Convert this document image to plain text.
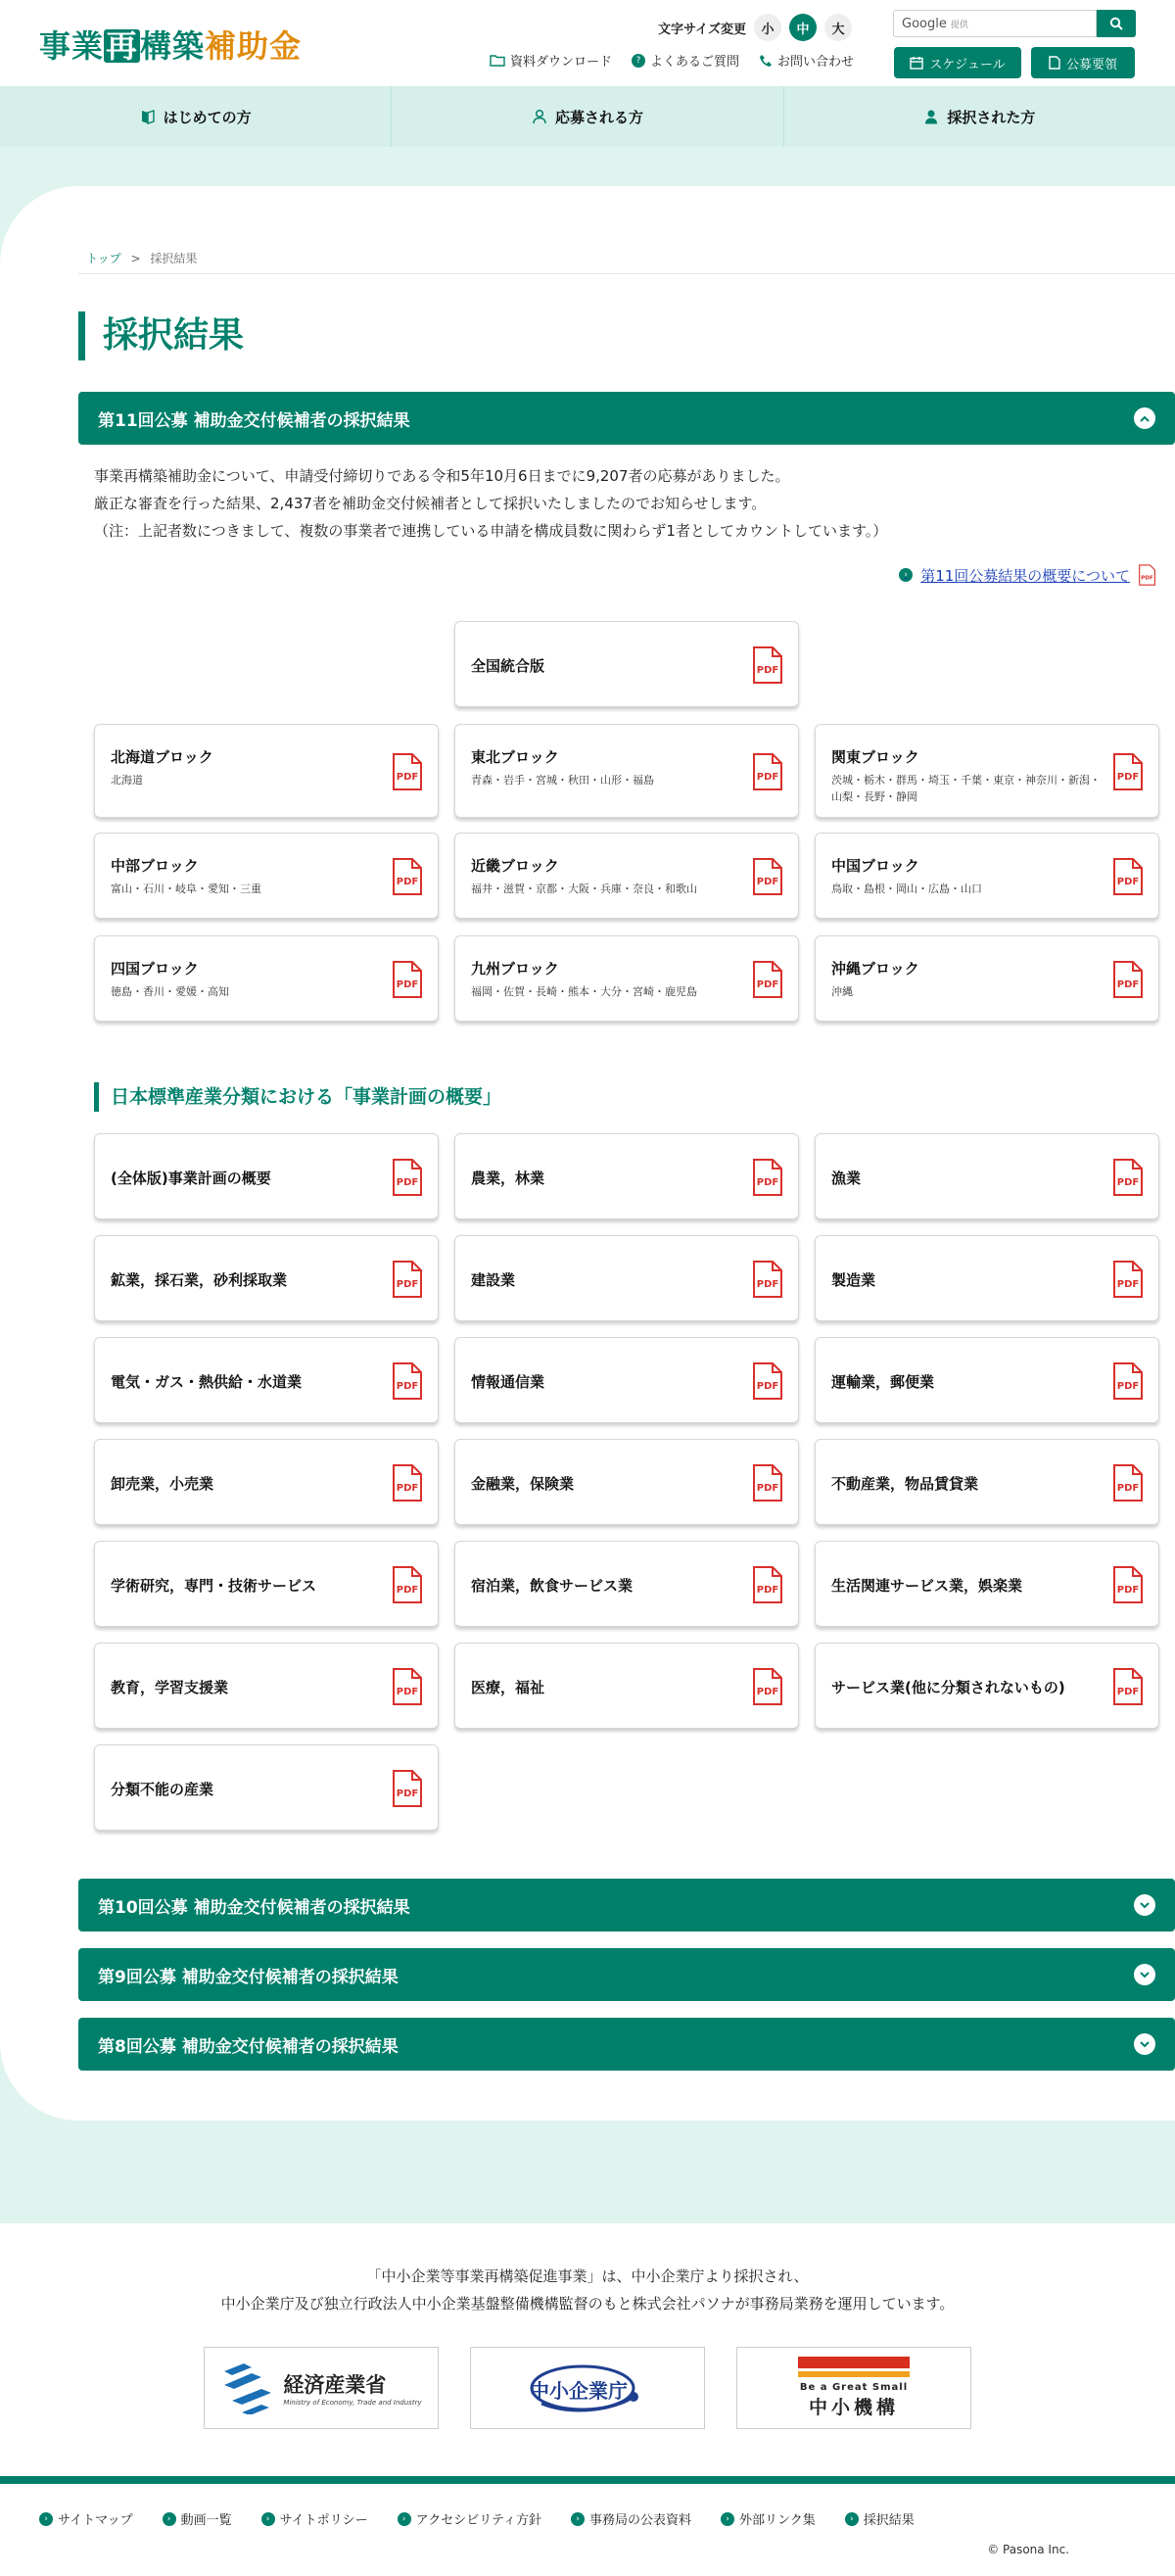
事業再構築補助金	文字サイズ変更	小	中	大	Google 提供
資料ダウンロード	? よくあるご質問	お問い合わせ	スケジュール	公募要領
はじめての方	応募される方	採択された方
トップ > 採択結果
採択結果
第11回公募 補助金交付候補者の採択結果

事業再構築補助金について、申請受付締切りである令和5年10月6日までに9,207者の応募がありました。

厳正な審査を行った結果、2,437者を補助金交付候補者として採択いたしましたのでお知らせします。

（注：上記者数につきまして、複数の事業者で連携している申請を構成員数に関わらず1者としてカウントしています。）

› 第11回公募結果の概要について PDF
全国統合版	PDF
北海道ブロック
北海道	PDF
東北ブロック
青森・岩手・宮城・秋田・山形・福島	PDF
関東ブロック
茨城・栃木・群馬・埼玉・千葉・東京・神奈川・新潟・山梨・長野・静岡
PDF
中部ブロック
富山・石川・岐阜・愛知・三重
PDF
近畿ブロック
福井・滋賀・京都・大阪・兵庫・奈良・和歌山
PDF
中国ブロック
鳥取・島根・岡山・広島・山口
PDF
四国ブロック
徳島・香川・愛媛・高知
PDF
九州ブロック
福岡・佐賀・長崎・熊本・大分・宮崎・鹿児島
PDF
沖縄ブロック
沖縄
PDF
(全体版)事業計画の概要	PDF	農業，林業	PDF	漁業	PDF
鉱業，採石業，砂利採取業	PDF	建設業	PDF	製造業	PDF
電気・ガス・熱供給・水道業	PDF	情報通信業	PDF	運輸業，郵便業	PDF
卸売業，小売業	PDF	金融業，保険業	PDF	不動産業，物品賃貸業	PDF
学術研究，専門・技術サービス	PDF	宿泊業，飲食サービス業	PDF	生活関連サービス業，娯楽業	PDF
教育，学習支援業	PDF	医療，福祉	PDF	サービス業(他に分類されないもの)	PDF
分類不能の産業	PDF
日本標準産業分類における「事業計画の概要」
第10回公募 補助金交付候補者の採択結果
第9回公募 補助金交付候補者の採択結果
第8回公募 補助金交付候補者の採択結果

「中小企業等事業再構築促進事業」は、中小企業庁より採択され、

中小企業庁及び独立行政法人中小企業基盤整備機構監督のもと株式会社パソナが事務局業務を運用しています。

経済産業省
Ministry of Economy, Trade and Industry	中小企業庁	Be a Great Small
中小機構
› サイトマップ	› 動画一覧	› サイトポリシー	› アクセシビリティ方針	› 事務局の公表資料	› 外部リンク集	› 採択結果
© Pasona Inc.
